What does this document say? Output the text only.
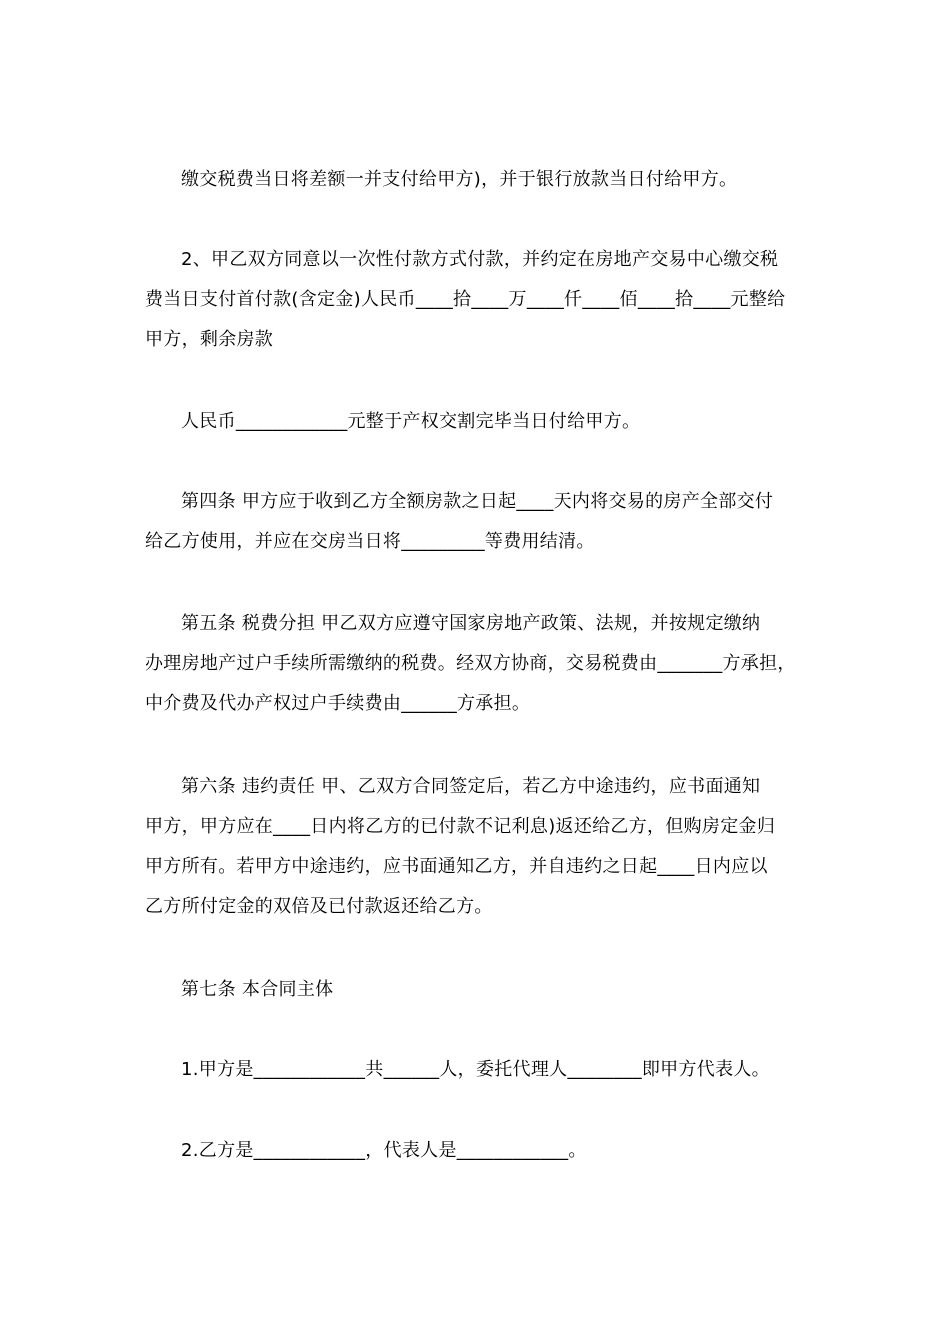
缴交税费当日将差额一并支付给甲方)，并于银行放款当日付给甲方。
2、甲乙双方同意以一次性付款方式付款，并约定在房地产交易中心缴交税
费当日支付首付款(含定金)人民币____拾____万____仟____佰____拾____元整给
甲方，剩余房款
人民币____________元整于产权交割完毕当日付给甲方。
第四条 甲方应于收到乙方全额房款之日起____天内将交易的房产全部交付
给乙方使用，并应在交房当日将_________等费用结清。
第五条 税费分担 甲乙双方应遵守国家房地产政策、法规，并按规定缴纳
办理房地产过户手续所需缴纳的税费。经双方协商，交易税费由_______方承担，
中介费及代办产权过户手续费由______方承担。
第六条 违约责任 甲、乙双方合同签定后，若乙方中途违约，应书面通知
甲方，甲方应在____日内将乙方的已付款不记利息)返还给乙方，但购房定金归
甲方所有。若甲方中途违约，应书面通知乙方，并自违约之日起____日内应以
乙方所付定金的双倍及已付款返还给乙方。
第七条 本合同主体
1.甲方是____________共______人，委托代理人________即甲方代表人。
2.乙方是____________，代表人是____________。
